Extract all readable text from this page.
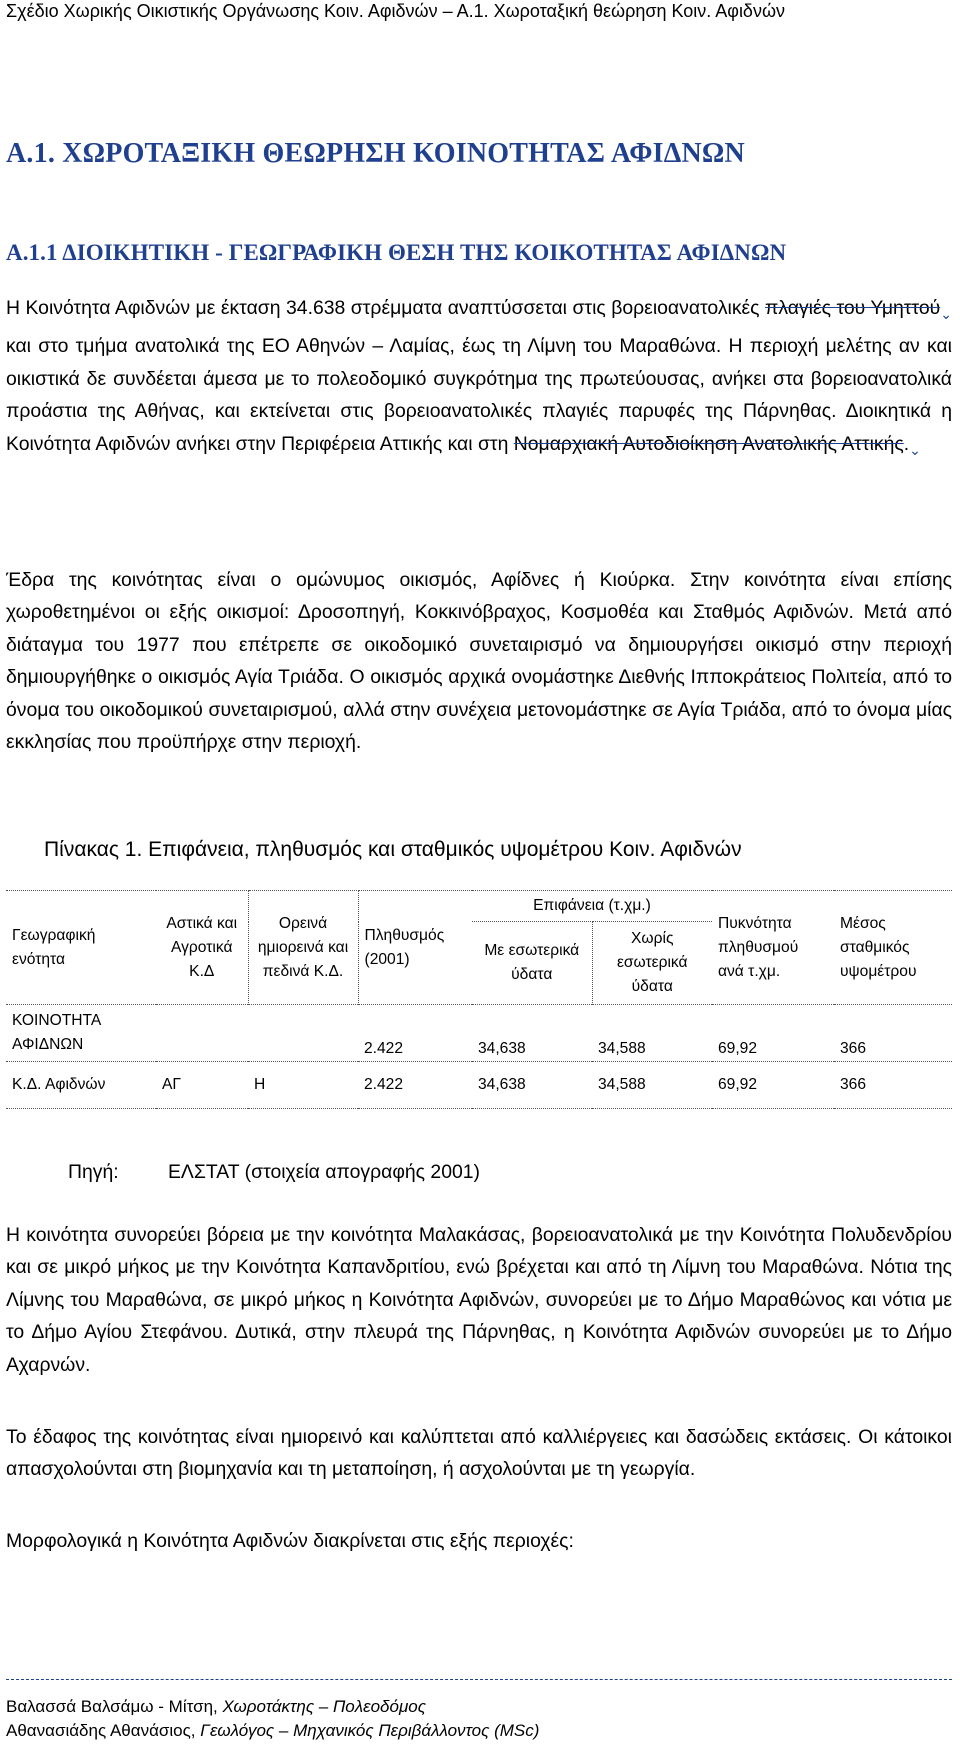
Σχέδιο Χωρικής Οικιστικής Οργάνωσης Κοιν. Αφιδνών – Α.1. Χωροταξική θεώρηση Κοιν. Αφιδνών
Α.1. ΧΩΡΟΤΑΞΙΚΗ ΘΕΩΡΗΣΗ ΚΟΙΝΟΤΗΤΑΣ ΑΦΙΔΝΩΝ
Α.1.1 ΔΙΟΙΚΗΤΙΚΗ - ΓΕΩΓΡΑΦΙΚΗ ΘΕΣΗ ΤΗΣ ΚΟΙΚΟΤΗΤΑΣ ΑΦΙΔΝΩΝ

Η Κοινότητα Αφιδνών με έκταση 34.638 στρέμματα αναπτύσσεται στις βορειοανατολικές πλαγιές του Υμηττού$_⌄$ και στο τμήμα ανατολικά της ΕΟ Αθηνών – Λαμίας, έως τη Λίμνη του Μαραθώνα. Η περιοχή μελέτης αν και οικιστικά δε συνδέεται άμεσα με το πολεοδομικό συγκρότημα της πρωτεύουσας, ανήκει στα βορειοανατολικά προάστια της Αθήνας, και εκτείνεται στις βορειοανατολικές πλαγιές παρυφές της Πάρνηθας. Διοικητικά η Κοινότητα Αφιδνών ανήκει στην Περιφέρεια Αττικής και στη Νομαρχιακή Αυτοδιοίκηση Ανατολικής $A\tau\tau\iota\kappa ή\varsigma._⌄$

Έδρα της κοινότητας είναι ο ομώνυμος οικισμός, Αφίδνες ή Κιούρκα. Στην κοινότητα είναι επίσης χωροθετημένοι οι εξής οικισμοί: Δροσοπηγή, Κοκκινόβραχος, Κοσμοθέα και Σταθμός Αφιδνών. Μετά από διάταγμα του 1977 που επέτρεπε σε οικοδομικό συνεταιρισμό να δημιουργήσει οικισμό στην περιοχή δημιουργήθηκε ο οικισμός Αγία Τριάδα. Ο οικισμός αρχικά ονομάστηκε Διεθνής Ιπποκράτειος Πολιτεία, από το όνομα του οικοδομικού συνεταιρισμού, αλλά στην συνέχεια μετονομάστηκε σε Αγία Τριάδα, από το όνομα μίας εκκλησίας που προϋπήρχε στην περιοχή.

Πίνακας 1. Επιφάνεια, πληθυσμός και σταθμικός υψομέτρου Κοιν. Αφιδνών
Γεωγραφική ενότητα	Αστικά και Αγροτικά Κ.Δ	Ορεινά ημιορεινά και πεδινά Κ.Δ.	Πληθυσμός (2001)	Επιφάνεια (τ.χμ.)		Πυκνότητα πληθυσμού ανά τ.χμ.	Μέσος σταθμικός υψομέτρου
				Με εσωτερικά ύδατα	Χωρίς εσωτερικά ύδατα		
ΚΟΙΝΟΤΗΤΑ ΑΦΙΔΝΩΝ			2.422	34,638	34,588	69,92	366
Κ.Δ. Αφιδνών	ΑΓ	Η	2.422	34,638	34,588	69,92	366
Πηγή:	ΕΛΣΤΑΤ (στοιχεία απογραφής 2001)

Η κοινότητα συνορεύει βόρεια με την κοινότητα Μαλακάσας, βορειοανατολικά με την Κοινότητα Πολυδενδρίου και σε μικρό μήκος με την Κοινότητα Καπανδριτίου, ενώ βρέχεται και από τη Λίμνη του Μαραθώνα. Νότια της Λίμνης του Μαραθώνα, σε μικρό μήκος η Κοινότητα Αφιδνών, συνορεύει με το Δήμο Μαραθώνος και νότια με το Δήμο Αγίου Στεφάνου. Δυτικά, στην πλευρά της Πάρνηθας, η Κοινότητα Αφιδνών συνορεύει με το Δήμο Αχαρνών.

Το έδαφος της κοινότητας είναι ημιορεινό και καλύπτεται από καλλιέργειες και δασώδεις εκτάσεις. Οι κάτοικοι απασχολούνται στη βιομηχανία και τη μεταποίηση, ή ασχολούνται με τη γεωργία.

Μορφολογικά η Κοινότητα Αφιδνών διακρίνεται στις εξής περιοχές:

Βαλασσά Βαλσάμω - Μίτση, Χωροτάκτης – Πολεοδόμος
Αθανασιάδης Αθανάσιος, Γεωλόγος – Μηχανικός Περιβάλλοντος (MSc)
